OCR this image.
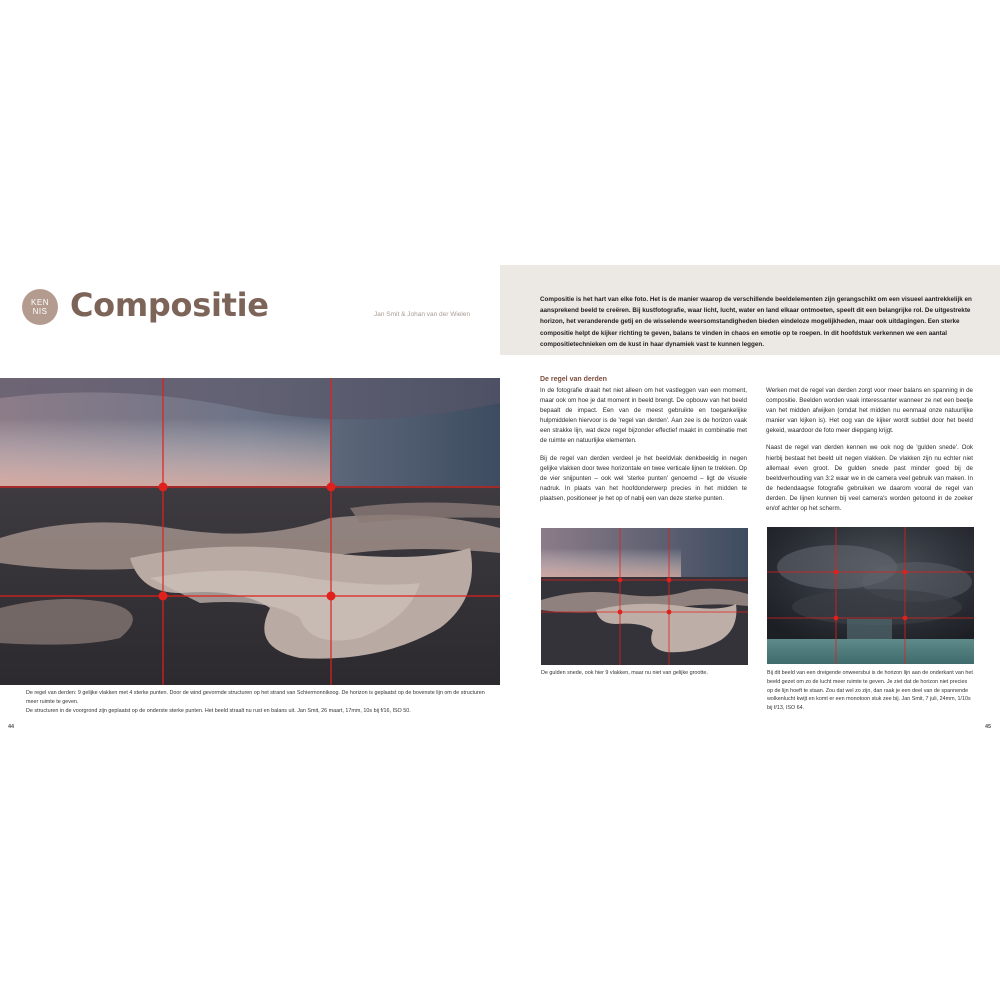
KEN
NIS Compositie	Jan Smit & Johan van der Wielen

Compositie is het hart van elke foto. Het is de manier waarop de verschillende beeldelementen zijn gerangschikt om een visueel aantrekkelijk en aansprekend beeld te creëren. Bij kustfotografie, waar licht, lucht, water en land elkaar ontmoeten, speelt dit een belangrijke rol. De uitgestrekte horizon, het veranderende getij en de wisselende weersomstandigheden bieden eindeloze mogelijkheden, maar ook uitdagingen. Een sterke compositie helpt de kijker richting te geven, balans te vinden in chaos en emotie op te roepen. In dit hoofdstuk verkennen we een aantal compositietechnieken om de kust in haar dynamiek vast te kunnen leggen.

De regel van derden: 9 gelijke vlakken met 4 sterke punten. Door de wind gevormde structuren op het strand van Schiermonnikoog. De horizon is geplaatst op de bovenste lijn om de structuren meer ruimte te geven.
De structuren in de voorgrond zijn geplaatst op de onderste sterke punten. Het beeld straalt nu rust en balans uit. Jan Smit, 26 maart, 17mm, 10s bij f/16, ISO 50.
De regel van derden

In de fotografie draait het niet alleen om het vastleggen van een moment, maar ook om hoe je dat moment in beeld brengt. De opbouw van het beeld bepaalt de impact. Een van de meest gebruikte en toegankelijke hulpmiddelen hiervoor is de 'regel van derden'. Aan zee is de horizon vaak een strakke lijn, wat deze regel bijzonder effectief maakt in combinatie met de ruimte en natuurlijke elementen.

Bij de regel van derden verdeel je het beeldvlak denkbeeldig in negen gelijke vlakken door twee horizontale en twee verticale lijnen te trekken. Op de vier snijpunten – ook wel 'sterke punten' genoemd – ligt de visuele nadruk. In plaats van het hoofdonderwerp precies in het midden te plaatsen, positioneer je het op of nabij een van deze sterke punten.

Werken met de regel van derden zorgt voor meer balans en spanning in de compositie. Beelden worden vaak interessanter wanneer ze net een beetje van het midden afwijken (omdat het midden nu eenmaal onze natuurlijke manier van kijken is). Het oog van de kijker wordt subtiel door het beeld gekeid, waardoor de foto meer diepgang krijgt.

Naast de regel van derden kennen we ook nog de 'gulden snede'. Ook hierbij bestaat het beeld uit negen vlakken. De vlakken zijn nu echter niet allemaal even groot. De gulden snede past minder goed bij de beeldverhouding van 3:2 waar we in de camera veel gebruik van maken. In de hedendaagse fotografie gebruiken we daarom vooral de regel van derden. De lijnen kunnen bij veel camera's worden getoond in de zoeker en/of achter op het scherm.

De gulden snede, ook hier 9 vlakken, maar nu niet van gelijke grootte.	Bij dit beeld van een dreigende onweersbui is de horizon lijn aan de onderkant van het beeld gezet om zo de lucht meer ruimte te geven. Je ziet dat de horizon niet precies op de lijn hoeft te staan. Zou dat wel zo zijn, dan raak je een deel van de spannende wolkenlucht kwijt en komt er een monotoon stuk zee bij. Jan Smit, 7 juli, 24mm, 1/10s bij f/13, ISO 64.
44	45
